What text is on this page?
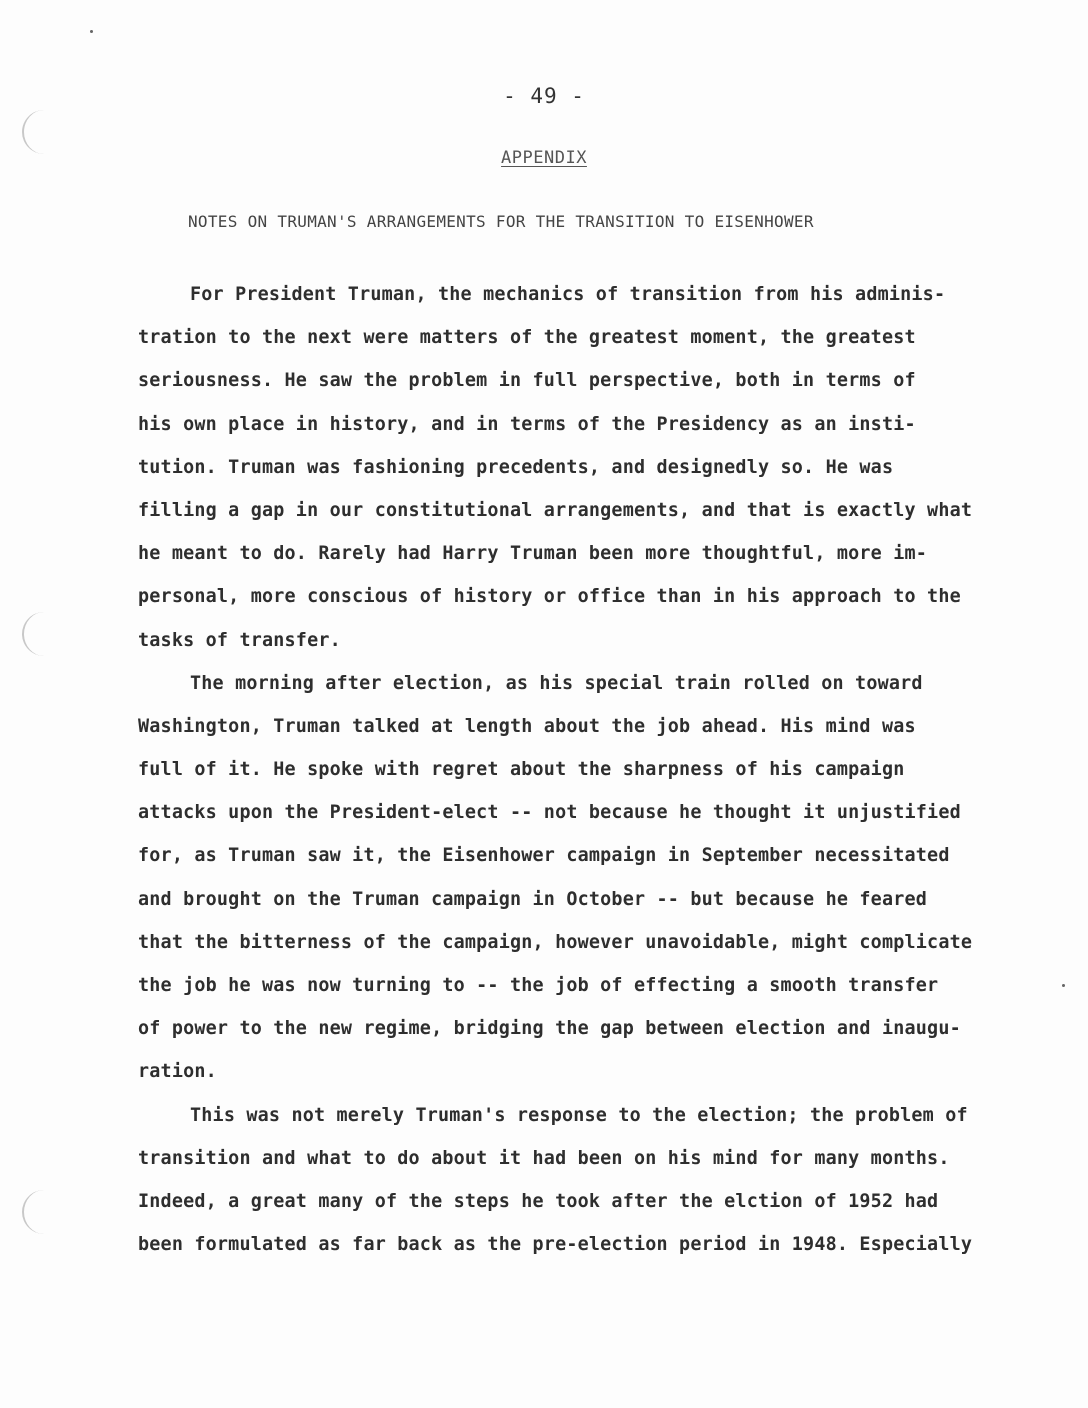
- 49 -
APPENDIX
NOTES ON TRUMAN'S ARRANGEMENTS FOR THE TRANSITION TO EISENHOWER
For President Truman, the mechanics of transition from his adminis-
tration to the next were matters of the greatest moment, the greatest
seriousness. He saw the problem in full perspective, both in terms of
his own place in history, and in terms of the Presidency as an insti-
tution. Truman was fashioning precedents, and designedly so. He was
filling a gap in our constitutional arrangements, and that is exactly what
he meant to do. Rarely had Harry Truman been more thoughtful, more im-
personal, more conscious of history or office than in his approach to the
tasks of transfer.
The morning after election, as his special train rolled on toward
Washington, Truman talked at length about the job ahead. His mind was
full of it. He spoke with regret about the sharpness of his campaign
attacks upon the President-elect -- not because he thought it unjustified
for, as Truman saw it, the Eisenhower campaign in September necessitated
and brought on the Truman campaign in October -- but because he feared
that the bitterness of the campaign, however unavoidable, might complicate
the job he was now turning to -- the job of effecting a smooth transfer
of power to the new regime, bridging the gap between election and inaugu-
ration.
This was not merely Truman's response to the election; the problem of
transition and what to do about it had been on his mind for many months.
Indeed, a great many of the steps he took after the elction of 1952 had
been formulated as far back as the pre-election period in 1948. Especially
